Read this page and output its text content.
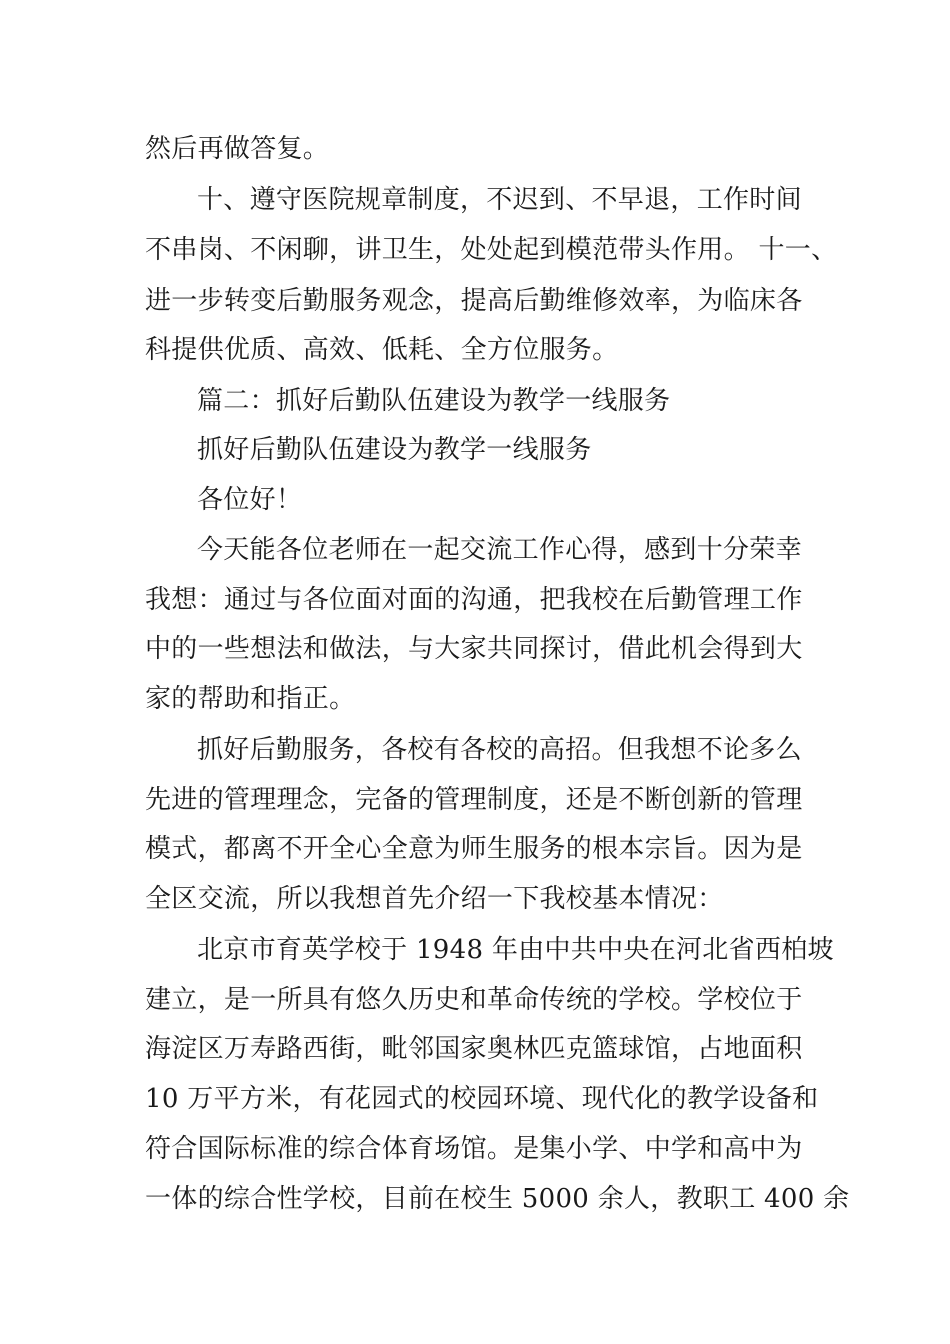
然后再做答复。
十、遵守医院规章制度，不迟到、不早退，工作时间
不串岗、不闲聊，讲卫生，处处起到模范带头作用。 十一、
进一步转变后勤服务观念，提高后勤维修效率，为临床各
科提供优质、高效、低耗、全方位服务。
篇二：抓好后勤队伍建设为教学一线服务
抓好后勤队伍建设为教学一线服务
各位好！
今天能各位老师在一起交流工作心得，感到十分荣幸
我想：通过与各位面对面的沟通，把我校在后勤管理工作
中的一些想法和做法，与大家共同探讨，借此机会得到大
家的帮助和指正。
抓好后勤服务，各校有各校的高招。但我想不论多么
先进的管理理念，完备的管理制度，还是不断创新的管理
模式，都离不开全心全意为师生服务的根本宗旨。因为是
全区交流，所以我想首先介绍一下我校基本情况：
北京市育英学校于 1948 年由中共中央在河北省西柏坡
建立，是一所具有悠久历史和革命传统的学校。学校位于
海淀区万寿路西街，毗邻国家奥林匹克篮球馆，占地面积
10 万平方米，有花园式的校园环境、现代化的教学设备和
符合国际标准的综合体育场馆。是集小学、中学和高中为
一体的综合性学校，目前在校生 5000 余人，教职工 400 余
